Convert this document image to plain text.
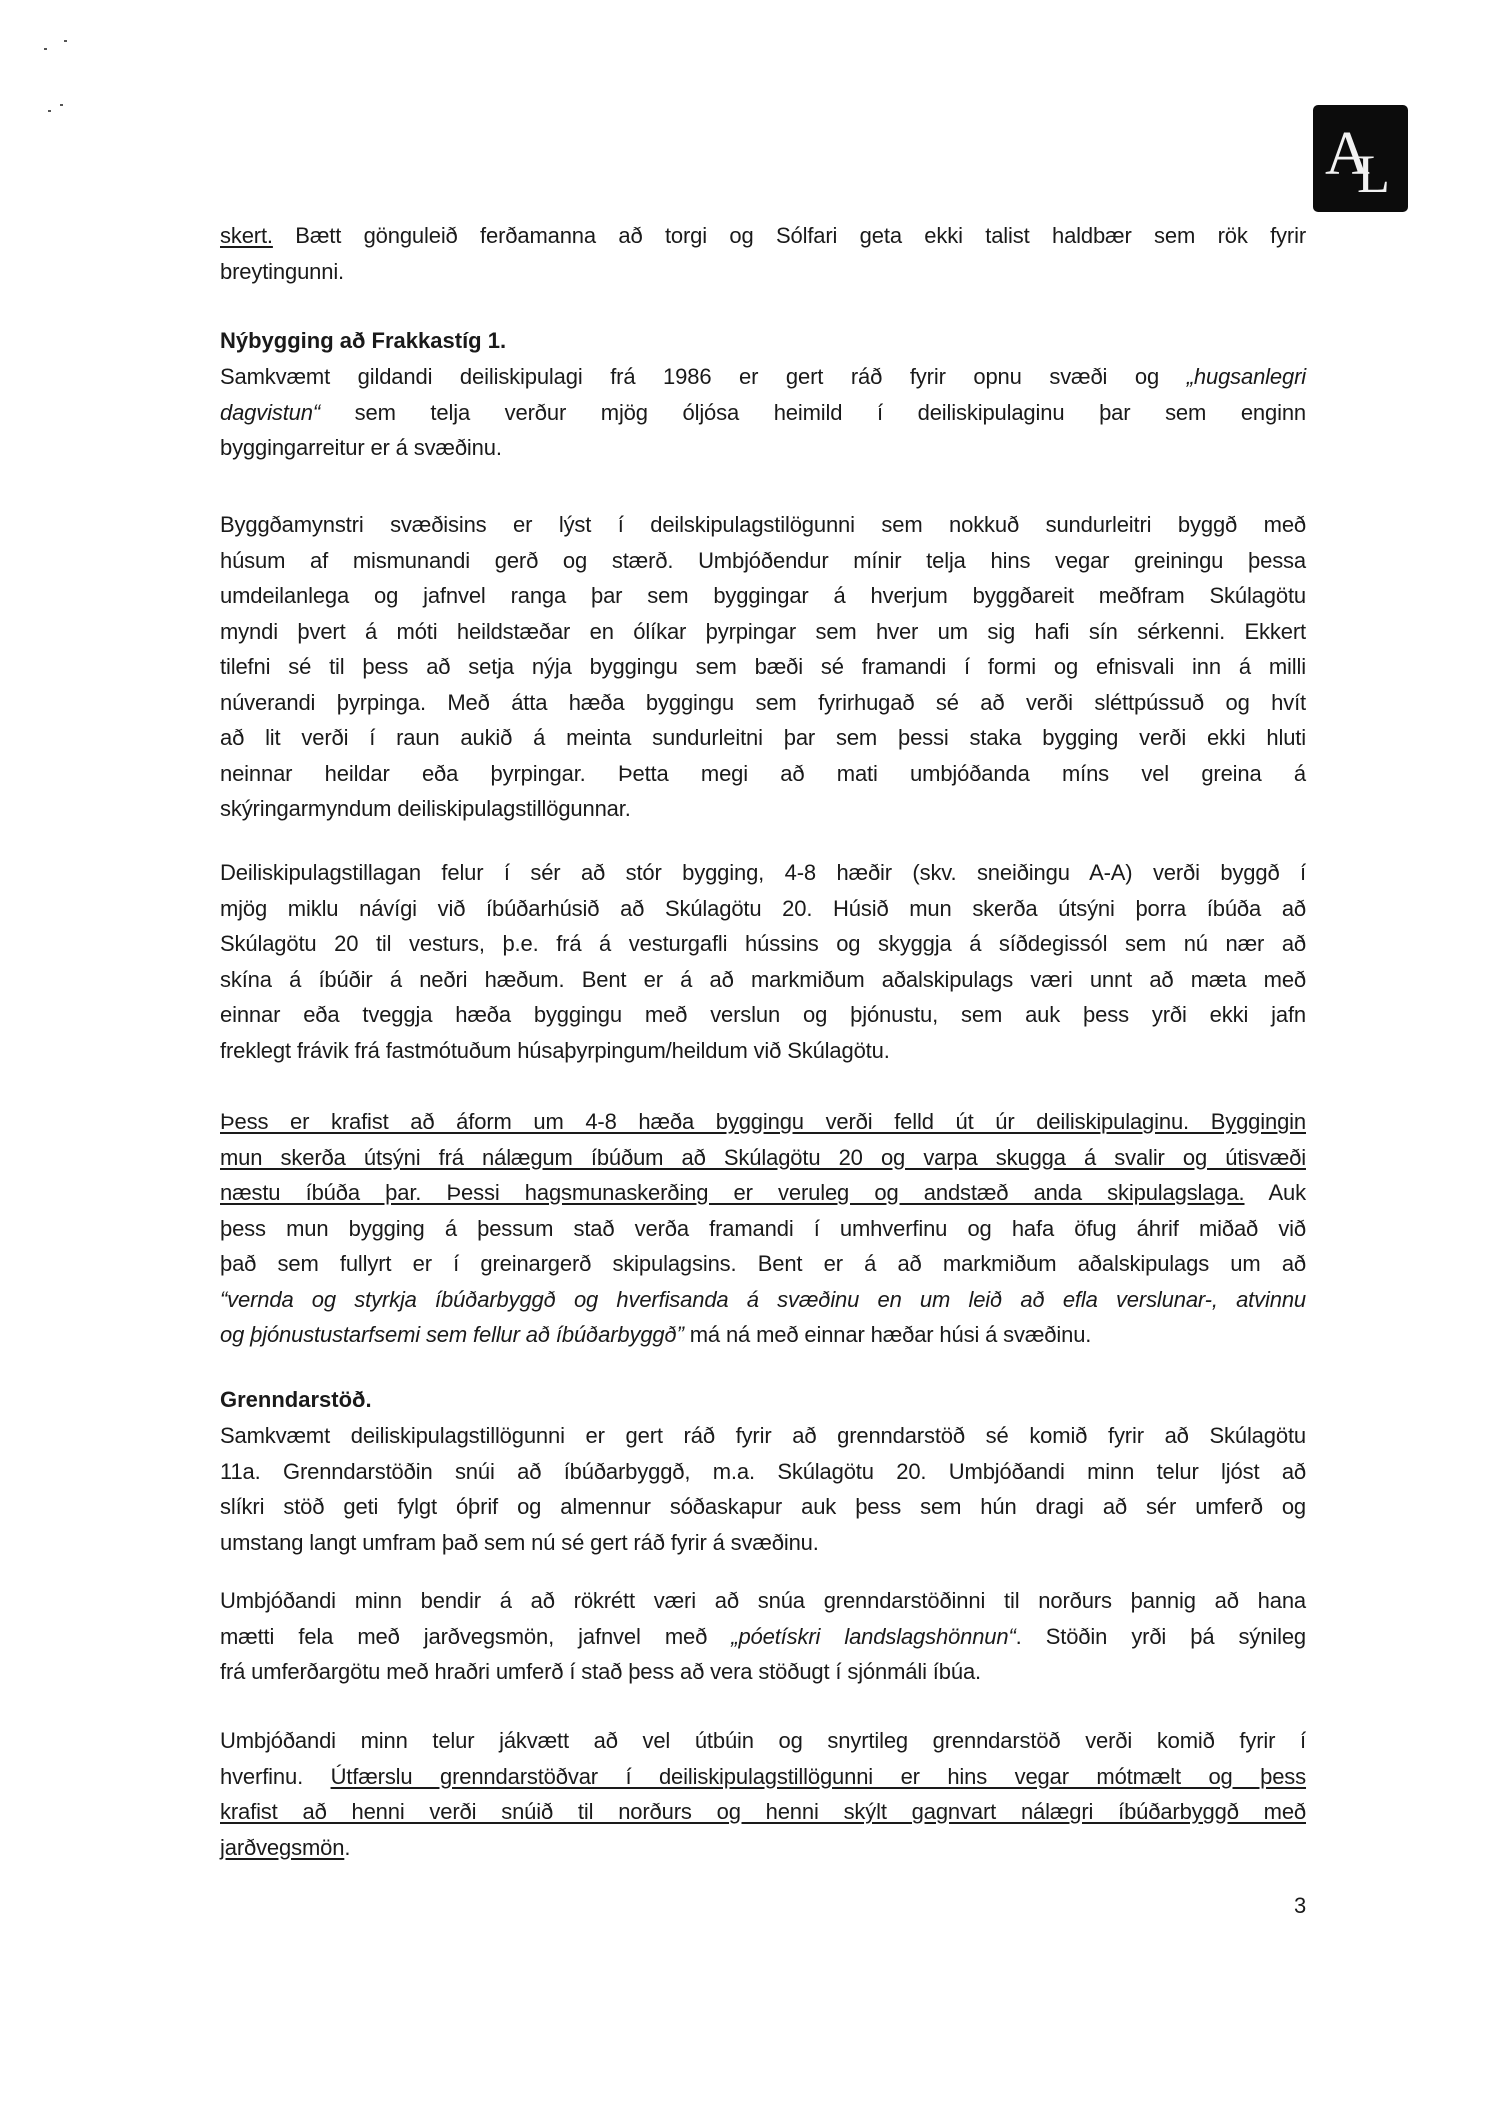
A
L
skert. Bætt gönguleið ferðamanna að torgi og Sólfari geta ekki talist haldbær sem rök fyrir
breytingunni.
Nýbygging að Frakkastíg 1.
Samkvæmt gildandi deiliskipulagi frá 1986 er gert ráð fyrir opnu svæði og „hugsanlegri
dagvistun“ sem telja verður mjög óljósa heimild í deiliskipulaginu þar sem enginn
byggingarreitur er á svæðinu.
Byggðamynstri svæðisins er lýst í deilskipulagstilögunni sem nokkuð sundurleitri byggð með
húsum af mismunandi gerð og stærð. Umbjóðendur mínir telja hins vegar greiningu þessa
umdeilanlega og jafnvel ranga þar sem byggingar á hverjum byggðareit meðfram Skúlagötu
myndi þvert á móti heildstæðar en ólíkar þyrpingar sem hver um sig hafi sín sérkenni. Ekkert
tilefni sé til þess að setja nýja byggingu sem bæði sé framandi í formi og efnisvali inn á milli
núverandi þyrpinga. Með átta hæða byggingu sem fyrirhugað sé að verði sléttpússuð og hvít
að lit verði í raun aukið á meinta sundurleitni þar sem þessi staka bygging verði ekki hluti
neinnar heildar eða þyrpingar. Þetta megi að mati umbjóðanda míns vel greina á
skýringarmyndum deiliskipulagstillögunnar.
Deiliskipulagstillagan felur í sér að stór bygging, 4-8 hæðir (skv. sneiðingu A-A) verði byggð í
mjög miklu návígi við íbúðarhúsið að Skúlagötu 20. Húsið mun skerða útsýni þorra íbúða að
Skúlagötu 20 til vesturs, þ.e. frá á vesturgafli hússins og skyggja á síðdegissól sem nú nær að
skína á íbúðir á neðri hæðum. Bent er á að markmiðum aðalskipulags væri unnt að mæta með
einnar eða tveggja hæða byggingu með verslun og þjónustu, sem auk þess yrði ekki jafn
freklegt frávik frá fastmótuðum húsaþyrpingum/heildum við Skúlagötu.
Þess er krafist að áform um 4-8 hæða byggingu verði felld út úr deiliskipulaginu. Byggingin
mun skerða útsýni frá nálægum íbúðum að Skúlagötu 20 og varpa skugga á svalir og útisvæði
næstu íbúða þar. Þessi hagsmunaskerðing er veruleg og andstæð anda skipulagslaga. Auk
þess mun bygging á þessum stað verða framandi í umhverfinu og hafa öfug áhrif miðað við
það sem fullyrt er í greinargerð skipulagsins. Bent er á að markmiðum aðalskipulags um að
“vernda og styrkja íbúðarbyggð og hverfisanda á svæðinu en um leið að efla verslunar-, atvinnu
og þjónustustarfsemi sem fellur að íbúðarbyggð” má ná með einnar hæðar húsi á svæðinu.
Grenndarstöð.
Samkvæmt deiliskipulagstillögunni er gert ráð fyrir að grenndarstöð sé komið fyrir að Skúlagötu
11a. Grenndarstöðin snúi að íbúðarbyggð, m.a. Skúlagötu 20. Umbjóðandi minn telur ljóst að
slíkri stöð geti fylgt óþrif og almennur sóðaskapur auk þess sem hún dragi að sér umferð og
umstang langt umfram það sem nú sé gert ráð fyrir á svæðinu.
Umbjóðandi minn bendir á að rökrétt væri að snúa grenndarstöðinni til norðurs þannig að hana
mætti fela með jarðvegsmön, jafnvel með „póetískri landslagshönnun“. Stöðin yrði þá sýnileg
frá umferðargötu með hraðri umferð í stað þess að vera stöðugt í sjónmáli íbúa.
Umbjóðandi minn telur jákvætt að vel útbúin og snyrtileg grenndarstöð verði komið fyrir í
hverfinu. Útfærslu grenndarstöðvar í deiliskipulagstillögunni er hins vegar mótmælt og þess
krafist að henni verði snúið til norðurs og henni skýlt gagnvart nálægri íbúðarbyggð með
jarðvegsmön.
3
